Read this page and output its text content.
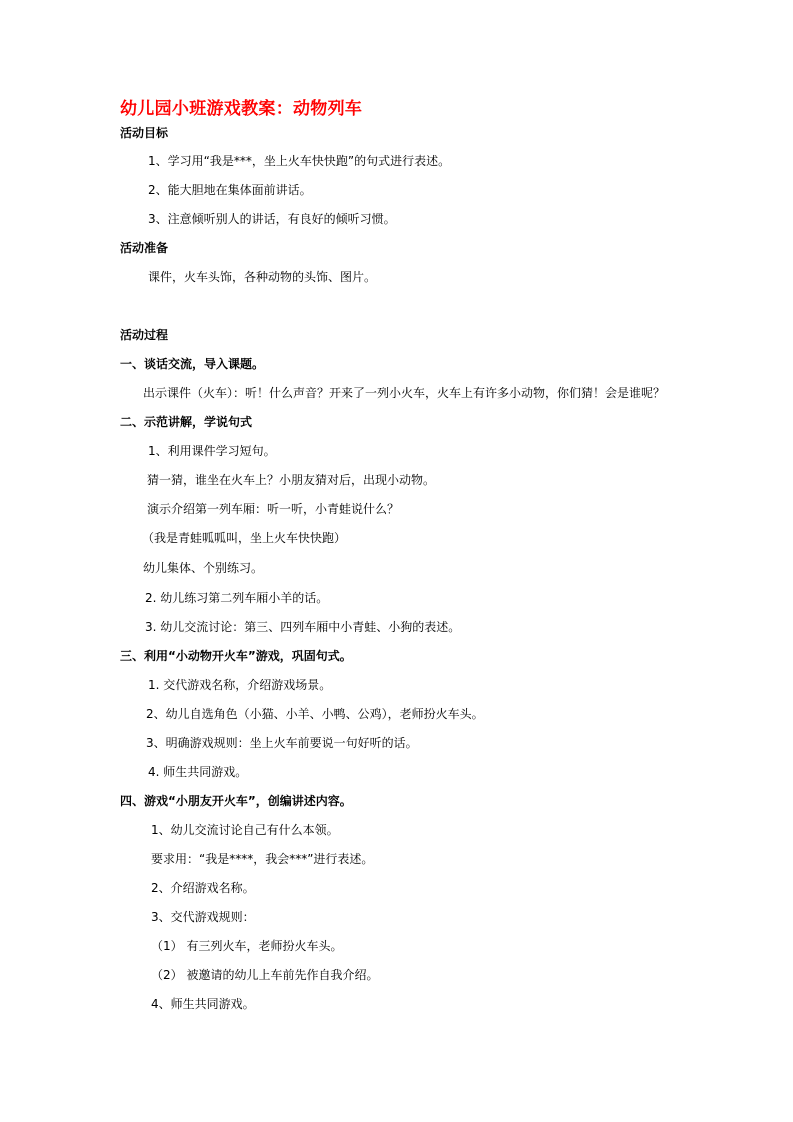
幼儿园小班游戏教案：动物列车
活动目标
1、学习用“我是***，坐上火车快快跑”的句式进行表述。
2、能大胆地在集体面前讲话。
3、注意倾听别人的讲话，有良好的倾听习惯。
活动准备
课件，火车头饰，各种动物的头饰、图片。
活动过程
一、谈话交流，导入课题。
出示课件（火车）：听！什么声音？开来了一列小火车，火车上有许多小动物，你们猜！会是谁呢？
二、示范讲解，学说句式
1、利用课件学习短句。
猜一猜，谁坐在火车上？小朋友猜对后，出现小动物。
演示介绍第一列车厢：听一听，小青蛙说什么？
（我是青蛙呱呱叫，坐上火车快快跑）
幼儿集体、个别练习。
2. 幼儿练习第二列车厢小羊的话。
3. 幼儿交流讨论：第三、四列车厢中小青蛙、小狗的表述。
三、利用“小动物开火车”游戏，巩固句式。
1. 交代游戏名称，介绍游戏场景。
2、幼儿自选角色（小猫、小羊、小鸭、公鸡），老师扮火车头。
3、明确游戏规则：坐上火车前要说一句好听的话。
4. 师生共同游戏。
四、游戏“小朋友开火车”，创编讲述内容。
1、幼儿交流讨论自己有什么本领。
要求用：“我是****，我会***”进行表述。
2、介绍游戏名称。
3、交代游戏规则：
（1） 有三列火车，老师扮火车头。
（2） 被邀请的幼儿上车前先作自我介绍。
4、师生共同游戏。
